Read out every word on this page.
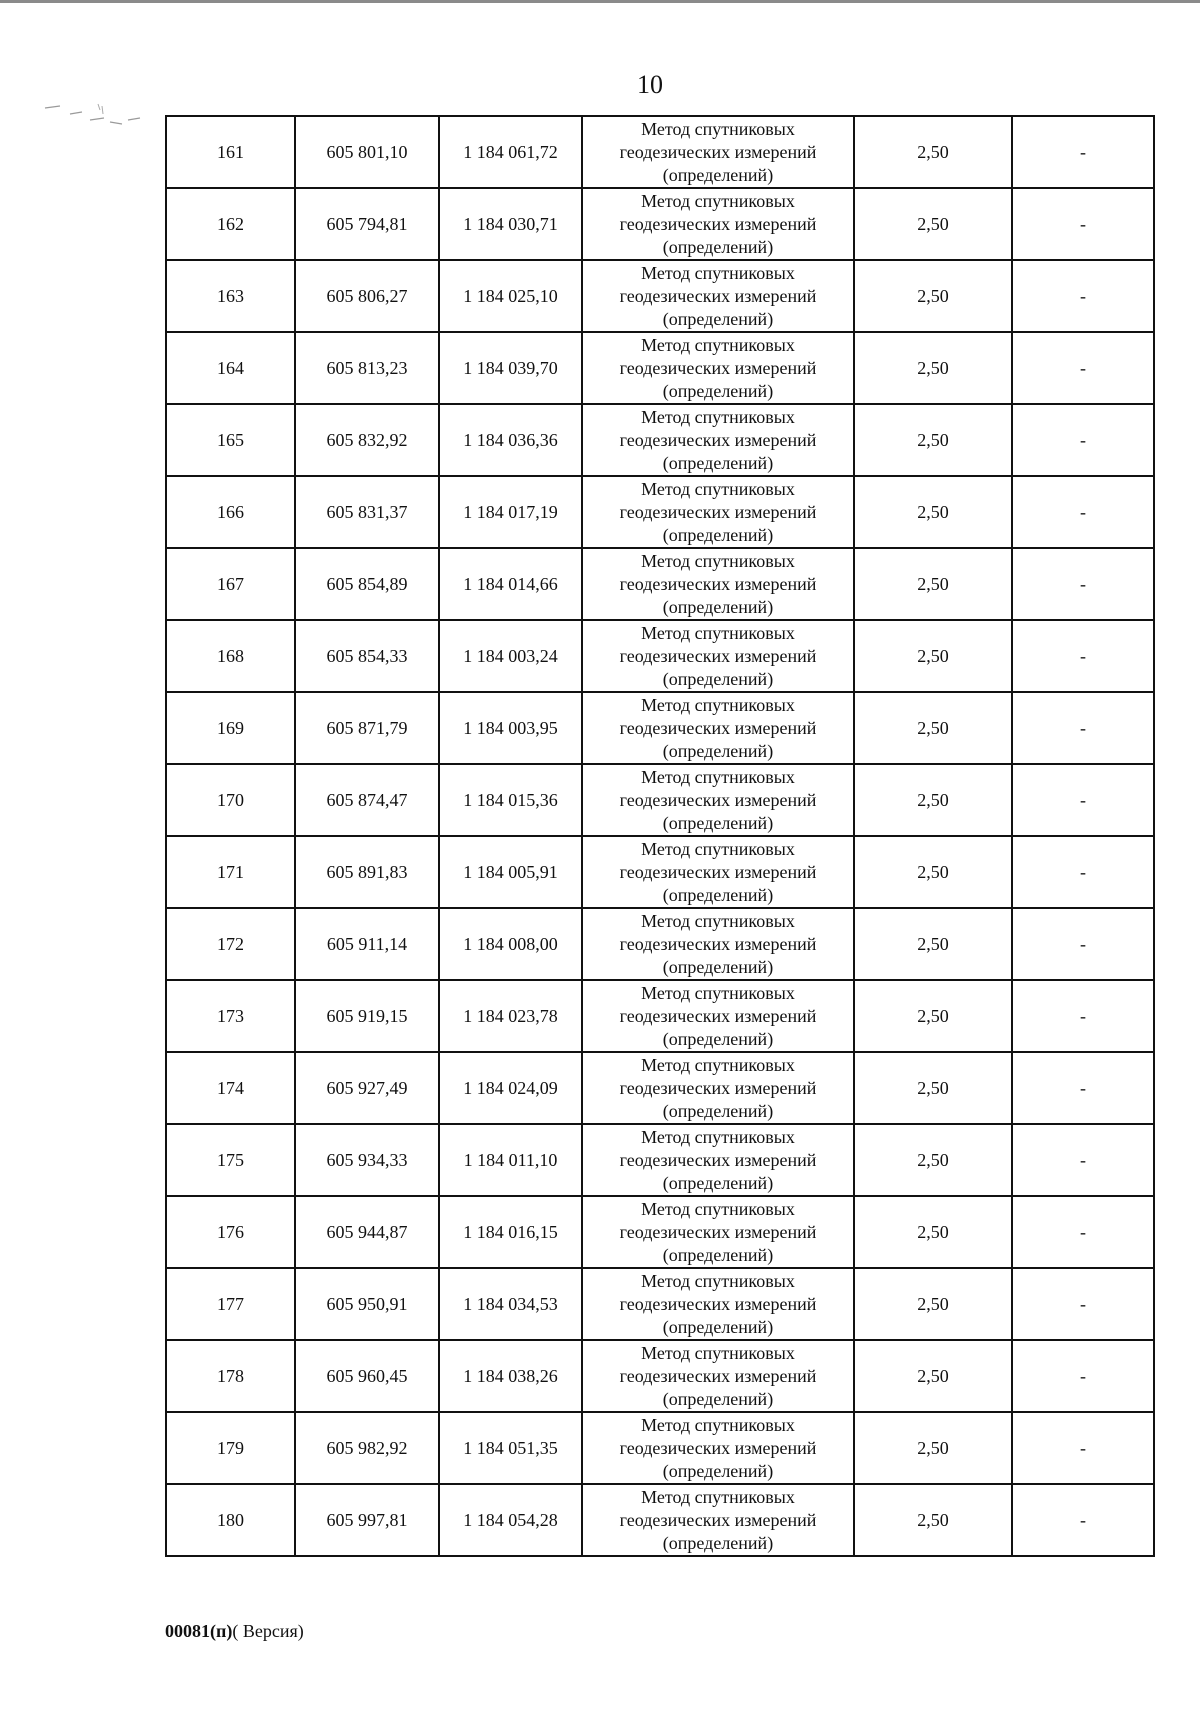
10
161	605 801,10	1 184 061,72	Метод спутниковых геодезических измерений (определений)	2,50	-
162	605 794,81	1 184 030,71	Метод спутниковых геодезических измерений (определений)	2,50	-
163	605 806,27	1 184 025,10	Метод спутниковых геодезических измерений (определений)	2,50	-
164	605 813,23	1 184 039,70	Метод спутниковых геодезических измерений (определений)	2,50	-
165	605 832,92	1 184 036,36	Метод спутниковых геодезических измерений (определений)	2,50	-
166	605 831,37	1 184 017,19	Метод спутниковых геодезических измерений (определений)	2,50	-
167	605 854,89	1 184 014,66	Метод спутниковых геодезических измерений (определений)	2,50	-
168	605 854,33	1 184 003,24	Метод спутниковых геодезических измерений (определений)	2,50	-
169	605 871,79	1 184 003,95	Метод спутниковых геодезических измерений (определений)	2,50	-
170	605 874,47	1 184 015,36	Метод спутниковых геодезических измерений (определений)	2,50	-
171	605 891,83	1 184 005,91	Метод спутниковых геодезических измерений (определений)	2,50	-
172	605 911,14	1 184 008,00	Метод спутниковых геодезических измерений (определений)	2,50	-
173	605 919,15	1 184 023,78	Метод спутниковых геодезических измерений (определений)	2,50	-
174	605 927,49	1 184 024,09	Метод спутниковых геодезических измерений (определений)	2,50	-
175	605 934,33	1 184 011,10	Метод спутниковых геодезических измерений (определений)	2,50	-
176	605 944,87	1 184 016,15	Метод спутниковых геодезических измерений (определений)	2,50	-
177	605 950,91	1 184 034,53	Метод спутниковых геодезических измерений (определений)	2,50	-
178	605 960,45	1 184 038,26	Метод спутниковых геодезических измерений (определений)	2,50	-
179	605 982,92	1 184 051,35	Метод спутниковых геодезических измерений (определений)	2,50	-
180	605 997,81	1 184 054,28	Метод спутниковых геодезических измерений (определений)	2,50	-
00081(п)( Версия)
